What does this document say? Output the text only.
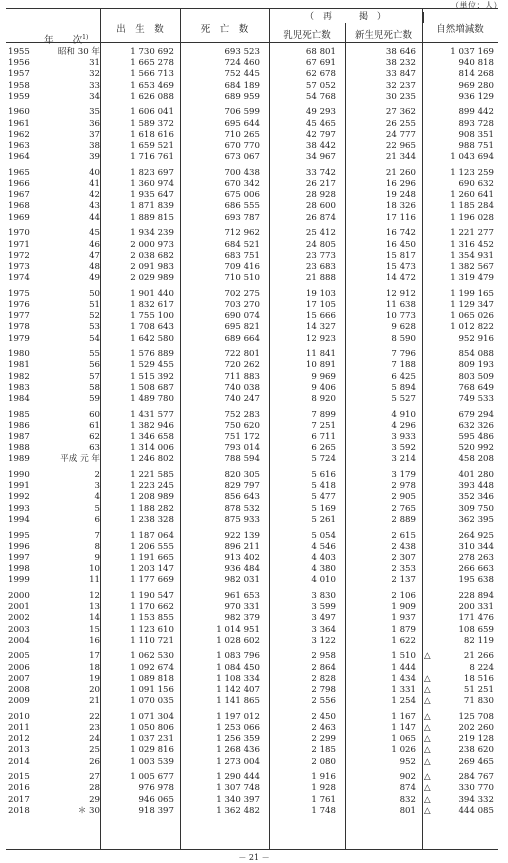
（単位：人）

年　　次$^{1)}$

出　生　数	死　亡　数
（　再　　　掲　）
乳児死亡数	新生児死亡数
自然増減数
1955	昭和 30 年	1 730 692	693 523	68 801	38 646	1 037 169
1956	31	1 665 278	724 460	67 691	38 232	940 818
1957	32	1 566 713	752 445	62 678	33 847	814 268
1958	33	1 653 469	684 189	57 052	32 237	969 280
1959	34	1 626 088	689 959	54 768	30 235	936 129
1960	35	1 606 041	706 599	49 293	27 362	899 442
1961	36	1 589 372	695 644	45 465	26 255	893 728
1962	37	1 618 616	710 265	42 797	24 777	908 351
1963	38	1 659 521	670 770	38 442	22 965	988 751
1964	39	1 716 761	673 067	34 967	21 344	1 043 694
1965	40	1 823 697	700 438	33 742	21 260	1 123 259
1966	41	1 360 974	670 342	26 217	16 296	690 632
1967	42	1 935 647	675 006	28 928	19 248	1 260 641
1968	43	1 871 839	686 555	28 600	18 326	1 185 284
1969	44	1 889 815	693 787	26 874	17 116	1 196 028
1970	45	1 934 239	712 962	25 412	16 742	1 221 277
1971	46	2 000 973	684 521	24 805	16 450	1 316 452
1972	47	2 038 682	683 751	23 773	15 817	1 354 931
1973	48	2 091 983	709 416	23 683	15 473	1 382 567
1974	49	2 029 989	710 510	21 888	14 472	1 319 479
1975	50	1 901 440	702 275	19 103	12 912	1 199 165
1976	51	1 832 617	703 270	17 105	11 638	1 129 347
1977	52	1 755 100	690 074	15 666	10 773	1 065 026
1978	53	1 708 643	695 821	14 327	9 628	1 012 822
1979	54	1 642 580	689 664	12 923	8 590	952 916
1980	55	1 576 889	722 801	11 841	7 796	854 088
1981	56	1 529 455	720 262	10 891	7 188	809 193
1982	57	1 515 392	711 883	9 969	6 425	803 509
1983	58	1 508 687	740 038	9 406	5 894	768 649
1984	59	1 489 780	740 247	8 920	5 527	749 533
1985	60	1 431 577	752 283	7 899	4 910	679 294
1986	61	1 382 946	750 620	7 251	4 296	632 326
1987	62	1 346 658	751 172	6 711	3 933	595 486
1988	63	1 314 006	793 014	6 265	3 592	520 992
1989	平成 元 年	1 246 802	788 594	5 724	3 214	458 208
1990	2	1 221 585	820 305	5 616	3 179	401 280
1991	3	1 223 245	829 797	5 418	2 978	393 448
1992	4	1 208 989	856 643	5 477	2 905	352 346
1993	5	1 188 282	878 532	5 169	2 765	309 750
1994	6	1 238 328	875 933	5 261	2 889	362 395
1995	7	1 187 064	922 139	5 054	2 615	264 925
1996	8	1 206 555	896 211	4 546	2 438	310 344
1997	9	1 191 665	913 402	4 403	2 307	278 263
1998	10	1 203 147	936 484	4 380	2 353	266 663
1999	11	1 177 669	982 031	4 010	2 137	195 638
2000	12	1 190 547	961 653	3 830	2 106	228 894
2001	13	1 170 662	970 331	3 599	1 909	200 331
2002	14	1 153 855	982 379	3 497	1 937	171 476
2003	15	1 123 610	1 014 951	3 364	1 879	108 659
2004	16	1 110 721	1 028 602	3 122	1 622	82 119
2005	17	1 062 530	1 083 796	2 958	1 510 △	21 266
2006	18	1 092 674	1 084 450	2 864	1 444	8 224
2007	19	1 089 818	1 108 334	2 828	1 434 △	18 516
2008	20	1 091 156	1 142 407	2 798	1 331 △	51 251
2009	21	1 070 035	1 141 865	2 556	1 254 △	71 830
2010	22	1 071 304	1 197 012	2 450	1 167 △	125 708
2011	23	1 050 806	1 253 066	2 463	1 147 △	202 260
2012	24	1 037 231	1 256 359	2 299	1 065 △	219 128
2013	25	1 029 816	1 268 436	2 185	1 026 △	238 620
2014	26	1 003 539	1 273 004	2 080	952 △	269 465
2015	27	1 005 677	1 290 444	1 916	902 △	284 767
2016	28	976 978	1 307 748	1 928	874 △	330 770
2017	29	946 065	1 340 397	1 761	832 △	394 332
2018	＊ 30	918 397	1 362 482	1 748	801 △	444 085
－ 21 －
